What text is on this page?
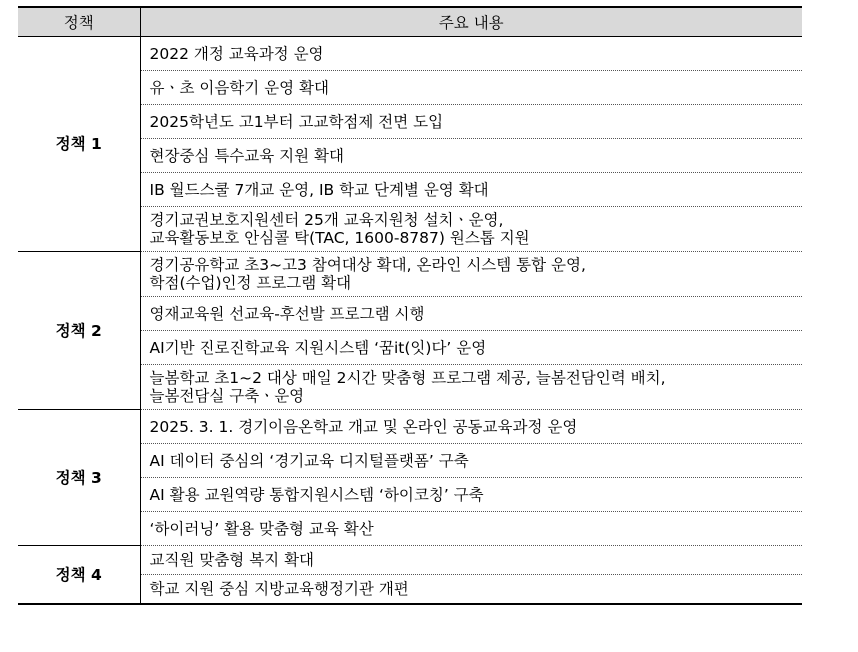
정책	주요 내용
정책 1	2022 개정 교육과정 운영

	유ㆍ초 이음학기 운영 확대

	2025학년도 고1부터 고교학점제 전면 도입

	현장중심 특수교육 지원 확대

	IB 월드스쿨 7개교 운영, IB 학교 단계별 운영 확대

	경기교권보호지원센터 25개 교육지원청 설치ㆍ운영,
교육활동보호 안심콜 탁(TAC, 1600-8787) 원스톱 지원

정책 2	경기공유학교 초3~고3 참여대상 확대, 온라인 시스템 통합 운영,
학점(수업)인정 프로그램 확대

	영재교육원 선교육-후선발 프로그램 시행

	AI기반 진로진학교육 지원시스템 ‘꿈it(잇)다’ 운영

	늘봄학교 초1~2 대상 매일 2시간 맞춤형 프로그램 제공, 늘봄전담인력 배치,
늘봄전담실 구축ㆍ운영

정책 3	2025. 3. 1. 경기이음온학교 개교 및 온라인 공동교육과정 운영

	AI 데이터 중심의 ‘경기교육 디지털플랫폼’ 구축

	AI 활용 교원역량 통합지원시스템 ‘하이코칭’ 구축

	‘하이러닝’ 활용 맞춤형 교육 확산

정책 4	교직원 맞춤형 복지 확대

	학교 지원 중심 지방교육행정기관 개편
